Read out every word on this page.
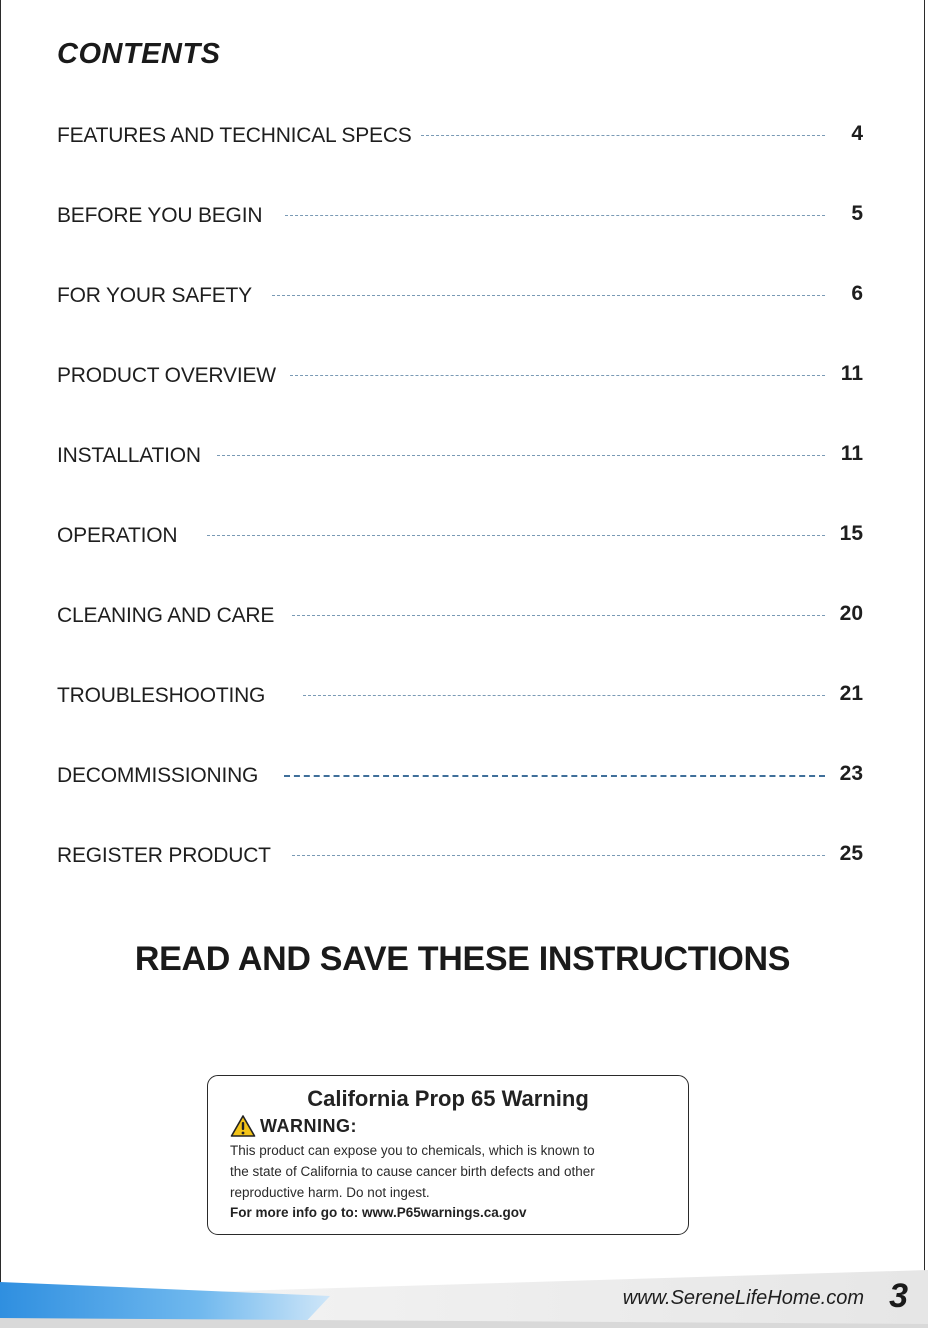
CONTENTS
FEATURES AND TECHNICAL SPECS	4
BEFORE YOU BEGIN	5
FOR YOUR SAFETY	6
PRODUCT OVERVIEW	11
INSTALLATION	11
OPERATION	15
CLEANING AND CARE	20
TROUBLESHOOTING	21
DECOMMISSIONING	23
REGISTER PRODUCT	25
READ AND SAVE THESE INSTRUCTIONS
California Prop 65 Warning
WARNING:
This product can expose you to chemicals, which is known to
the state of California to cause cancer birth defects and other
reproductive harm. Do not ingest.
For more info go to: www.P65warnings.ca.gov
www.SereneLifeHome.com 3
